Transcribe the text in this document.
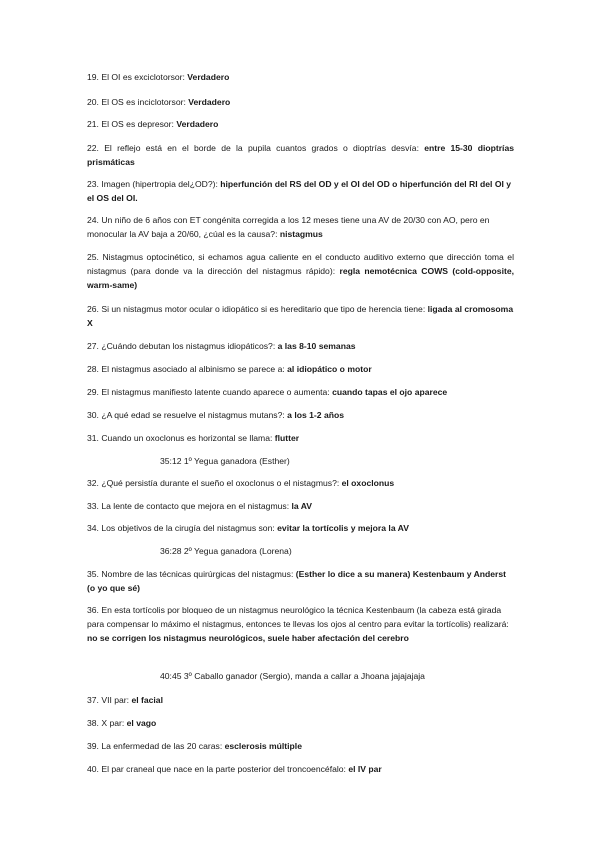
19. El OI es exciclotorsor: Verdadero

20. El OS es inciclotorsor: Verdadero

21. El OS es depresor: Verdadero

22. El reflejo está en el borde de la pupila cuantos grados o dioptrías desvía: entre 15-30 dioptrías prismáticas

23. Imagen (hipertropia del¿OD?): hiperfunción del RS del OD y el OI del OD o hiperfunción del RI del OI y el OS del OI.

24. Un niño de 6 años con ET congénita corregida a los 12 meses tiene una AV de 20/30 con AO, pero en monocular la AV baja a 20/60, ¿cúal es la causa?: nistagmus

25. Nistagmus optocinético, si echamos agua caliente en el conducto auditivo externo que dirección toma el nistagmus (para donde va la dirección del nistagmus rápido): regla nemotécnica COWS (cold-opposite, warm-same)

26. Si un nistagmus motor ocular o idiopático si es hereditario que tipo de herencia tiene: ligada al cromosoma X

27. ¿Cuándo debutan los nistagmus idiopáticos?: a las 8-10 semanas

28. El nistagmus asociado al albinismo se parece a: al idiopático o motor

29. El nistagmus manifiesto latente cuando aparece o aumenta: cuando tapas el ojo aparece

30. ¿A qué edad se resuelve el nistagmus mutans?: a los 1-2 años

31. Cuando un oxoclonus es horizontal se llama: flutter

35:12 1º Yegua ganadora (Esther)

32. ¿Qué persistía durante el sueño el oxoclonus o el nistagmus?: el oxoclonus

33. La lente de contacto que mejora en el nistagmus: la AV

34. Los objetivos de la cirugía del nistagmus son: evitar la tortícolis y mejora la AV

36:28 2º Yegua ganadora (Lorena)

35. Nombre de las técnicas quirúrgicas del nistagmus: (Esther lo dice a su manera) Kestenbaum y Anderst (o yo que sé)

36. En esta tortícolis por bloqueo de un nistagmus neurológico la técnica Kestenbaum (la cabeza está girada para compensar lo máximo el nistagmus, entonces te llevas los ojos al centro para evitar la tortícolis) realizará: no se corrigen los nistagmus neurológicos, suele haber afectación del cerebro

40:45 3º Caballo ganador (Sergio), manda a callar a Jhoana jajajajaja

37. VII par: el facial

38. X par: el vago

39. La enfermedad de las 20 caras: esclerosis múltiple

40. El par craneal que nace en la parte posterior del troncoencéfalo: el IV par
